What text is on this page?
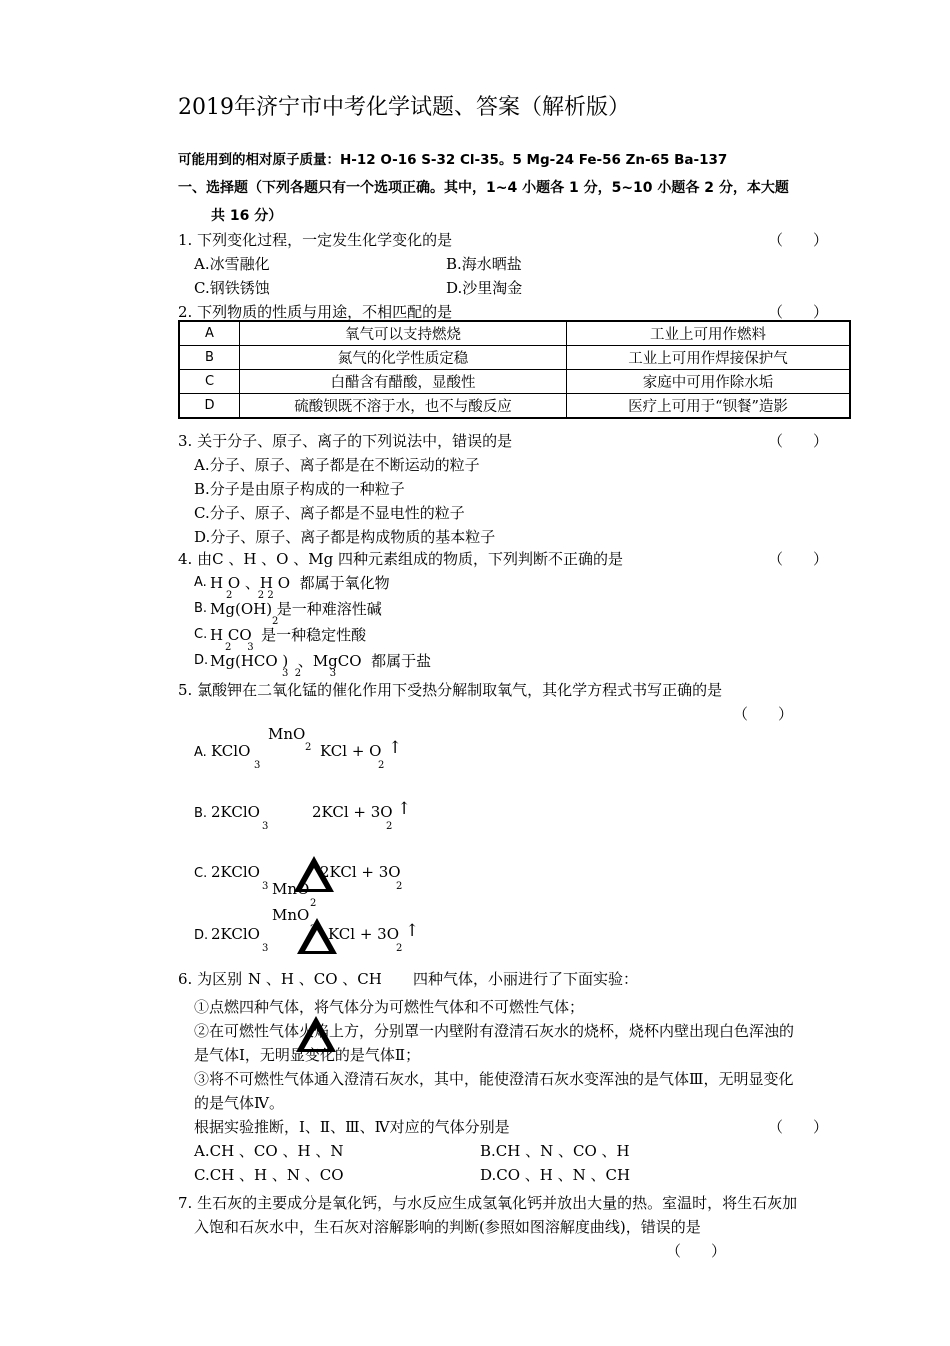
2019年济宁市中考化学试题、答案（解析版）
可能用到的相对原子质量：H-12 O-16 S-32 Cl-35。5 Mg-24 Fe-56 Zn-65 Ba-137
一、选择题（下列各题只有一个选项正确。其中，1~4 小题各 1 分，5~10 小题各 2 分，本大题
共 16 分）
1. 下列变化过程，一定发生化学变化的是	（　　）
A.冰雪融化	B.海水晒盐
C.钢铁锈蚀	D.沙里淘金
2. 下列物质的性质与用途，不相匹配的是	（　　）
A	氧气可以支持燃烧	工业上可用作燃料
B	氮气的化学性质定稳	工业上可用作焊接保护气
C	白醋含有醋酸，显酸性	家庭中可用作除水垢
D	硫酸钡既不溶于水，也不与酸反应	医疗上可用于“钡餐”造影
3. 关于分子、原子、离子的下列说法中，错误的是	（　　）
A.分子、原子、离子都是在不断运动的粒子
B.分子是由原子构成的一种粒子
C.分子、原子、离子都是不显电性的粒子
D.分子、原子、离子都是构成物质的基本粒子
4. 由C 、H 、O 、Mg 四种元素组成的物质，下列判断不正确的是	（　　）
A. H O 、H O  都属于氧化物
2        2 2
B. Mg(OH) 是一种难溶性碱
2
C. H CO  是一种稳定性酸
2     3
D. Mg(HCO )  、MgCO  都属于盐
3  2         3
5. 氯酸钾在二氧化锰的催化作用下受热分解制取氧气，其化学方程式书写正确的是
（　　）
MnO
2
A. KClO
3
KCl + O
2
↑
B. 2KClO
3
2KCl + 3O
2
↑
C. 2KClO
3 MnO
2
2KCl + 3O
2
MnO
2
D. 2KClO
3
KCl + 3O
2
↑
6. 为区别 N 、H 、CO 、CH 四种气体，小丽进行了下面实验：
①点燃四种气体，将气体分为可燃性气体和不可燃性气体；
②在可燃性气体火焰上方，分别罩一内壁附有澄清石灰水的烧杯，烧杯内壁出现白色浑浊的
是气体Ⅰ，无明显变化的是气体Ⅱ；
③将不可燃性气体通入澄清石灰水，其中，能使澄清石灰水变浑浊的是气体Ⅲ，无明显变化
的是气体Ⅳ。
根据实验推断，Ⅰ、Ⅱ、Ⅲ、Ⅳ对应的气体分别是	（　　）
A.CH 、CO 、H 、N	B.CH 、N 、CO 、H
C.CH 、H 、N 、CO	D.CO 、H 、N 、CH
7. 生石灰的主要成分是氧化钙，与水反应生成氢氧化钙并放出大量的热。室温时，将生石灰加
入饱和石灰水中，生石灰对溶解影响的判断(参照如图溶解度曲线)，错误的是
（　　）
